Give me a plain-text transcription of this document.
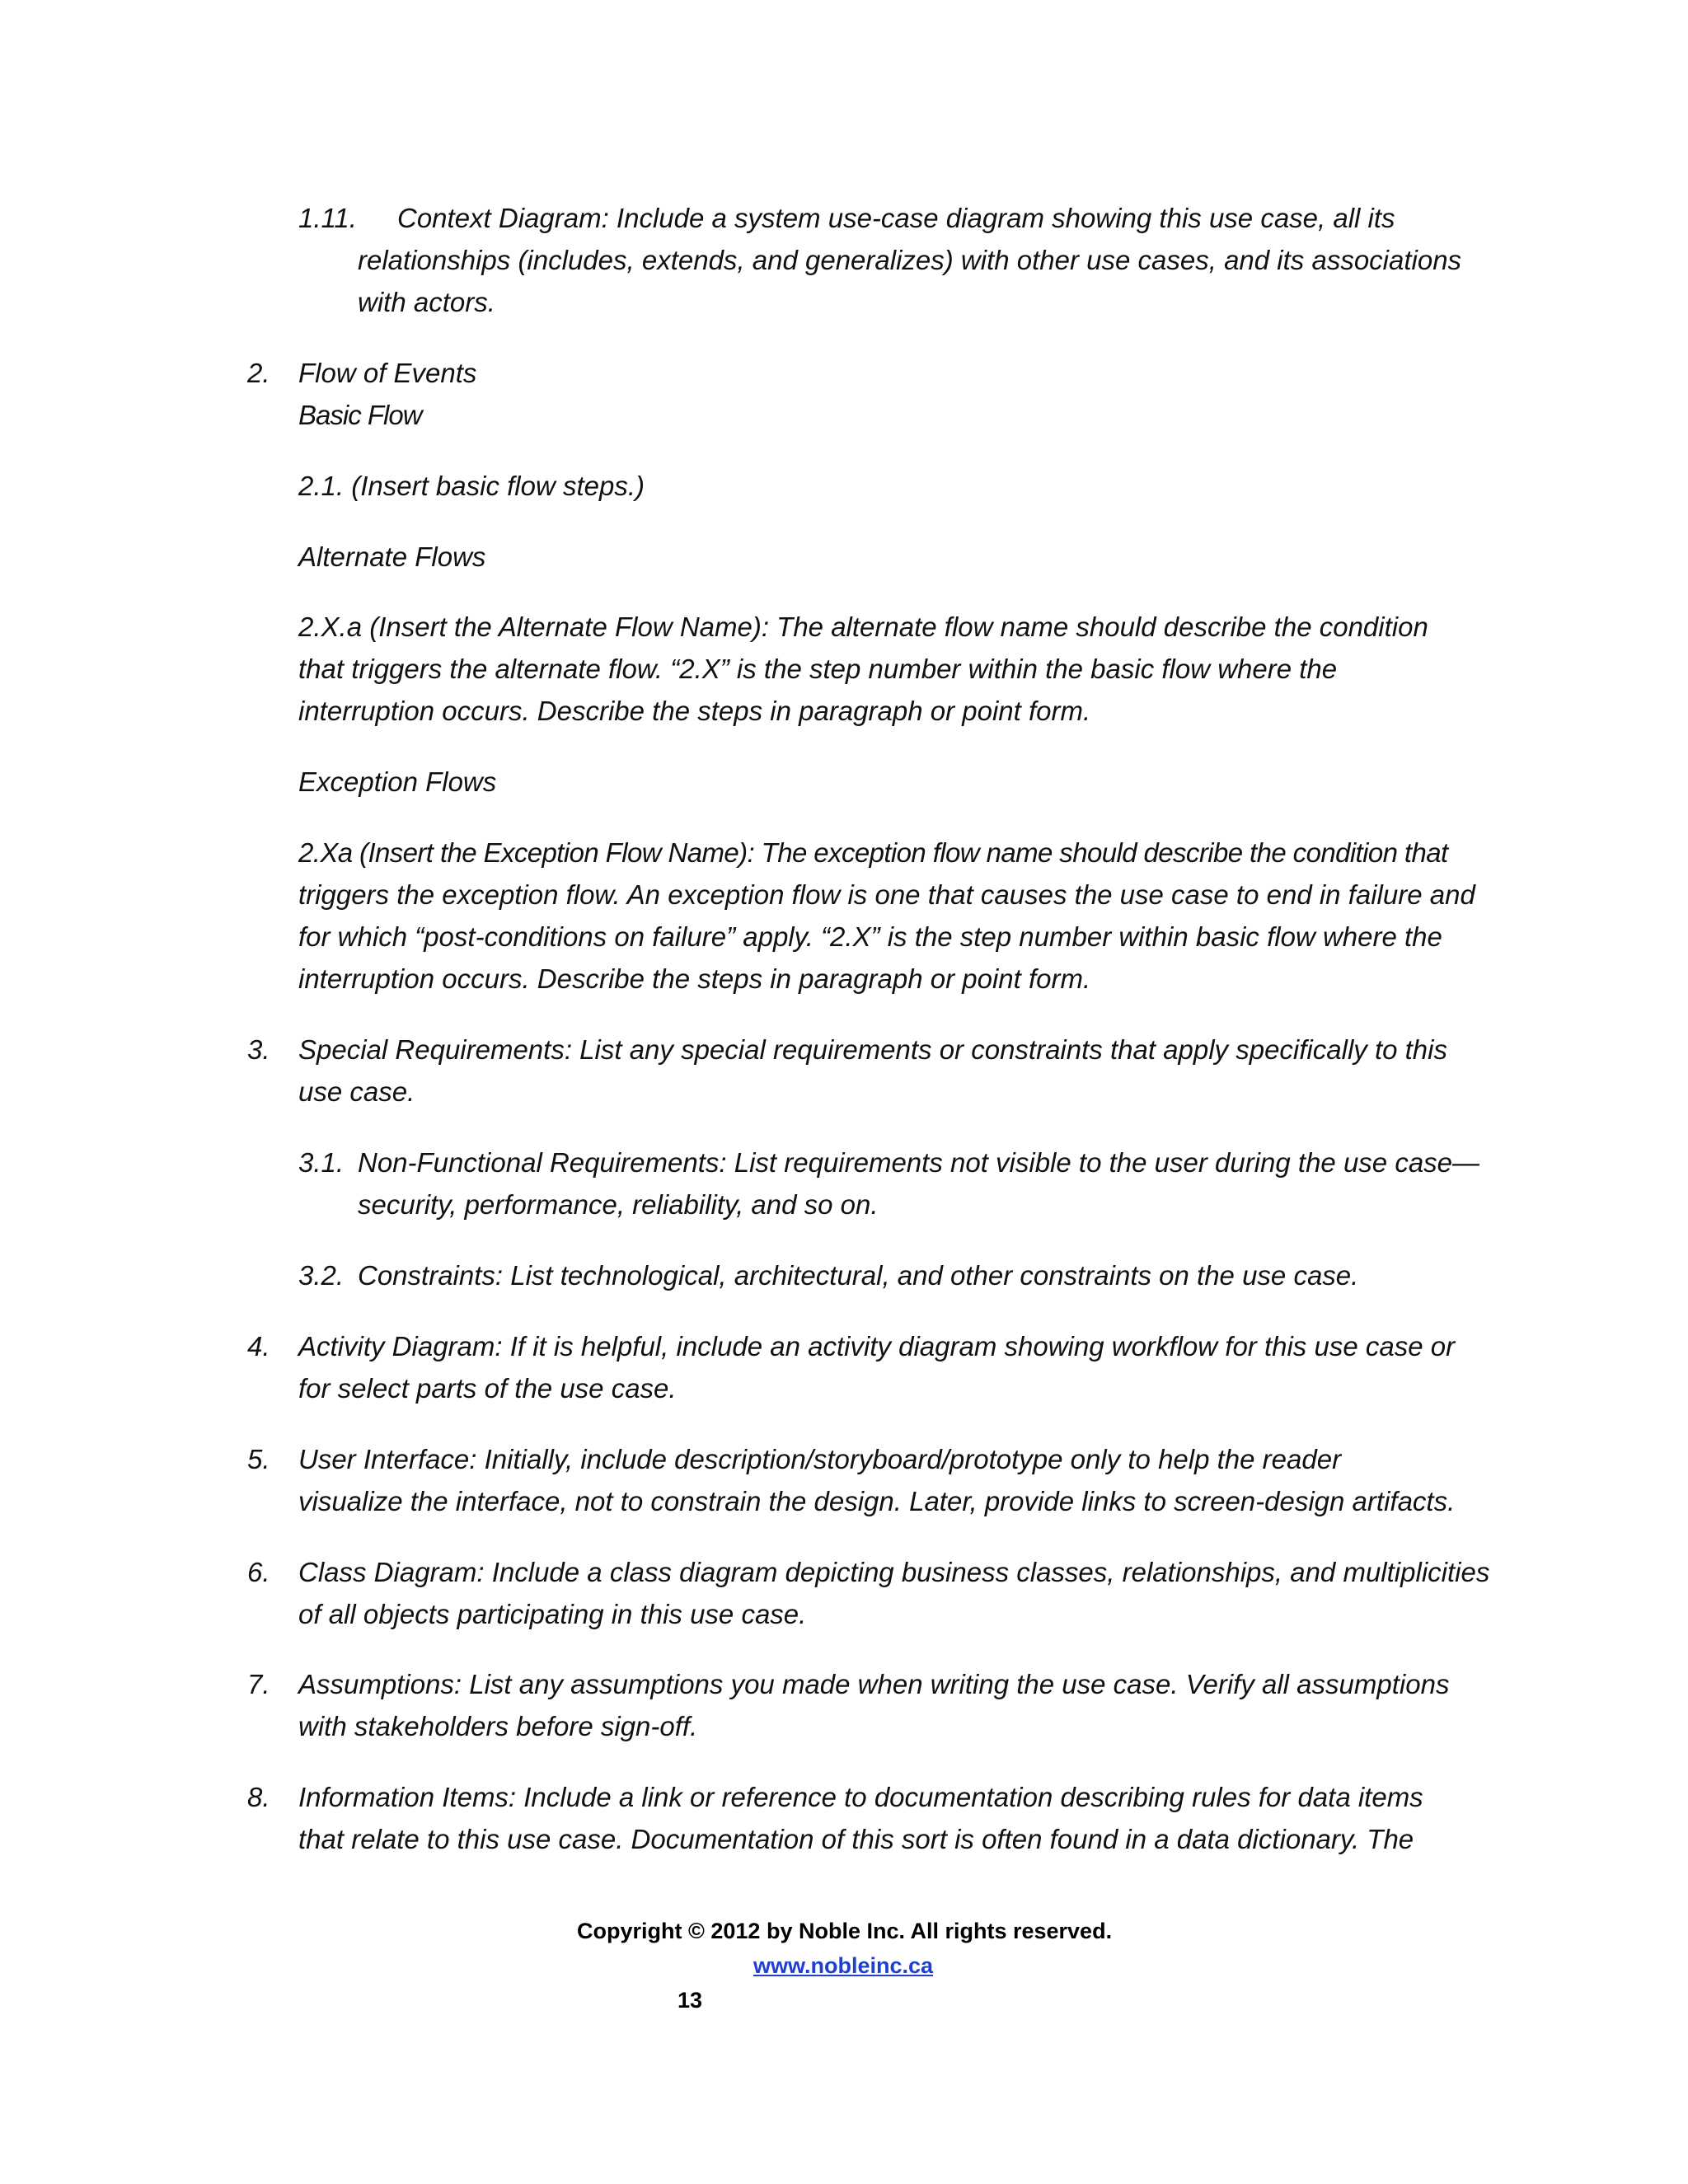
1.11. Context Diagram: Include a system use-case diagram showing this use case, all its
relationships (includes, extends, and generalizes) with other use cases, and its associations
with actors.
2. Flow of Events
Basic Flow
2.1. (Insert basic flow steps.)
Alternate Flows
2.X.a (Insert the Alternate Flow Name): The alternate flow name should describe the condition
that triggers the alternate flow. “2.X” is the step number within the basic flow where the
interruption occurs. Describe the steps in paragraph or point form.
Exception Flows
2.Xa (Insert the Exception Flow Name): The exception flow name should describe the condition that
triggers the exception flow. An exception flow is one that causes the use case to end in failure and
for which “post-conditions on failure” apply. “2.X” is the step number within basic flow where the
interruption occurs. Describe the steps in paragraph or point form.
3. Special Requirements: List any special requirements or constraints that apply specifically to this
use case.
3.1. Non-Functional Requirements: List requirements not visible to the user during the use case—
security, performance, reliability, and so on.
3.2. Constraints: List technological, architectural, and other constraints on the use case.
4. Activity Diagram: If it is helpful, include an activity diagram showing workflow for this use case or
for select parts of the use case.
5. User Interface: Initially, include description/storyboard/prototype only to help the reader
visualize the interface, not to constrain the design. Later, provide links to screen-design artifacts.
6. Class Diagram: Include a class diagram depicting business classes, relationships, and multiplicities
of all objects participating in this use case.
7. Assumptions: List any assumptions you made when writing the use case. Verify all assumptions
with stakeholders before sign-off.
8. Information Items: Include a link or reference to documentation describing rules for data items
that relate to this use case. Documentation of this sort is often found in a data dictionary. The
Copyright © 2012 by Noble Inc. All rights reserved.
www.nobleinc.ca
13
